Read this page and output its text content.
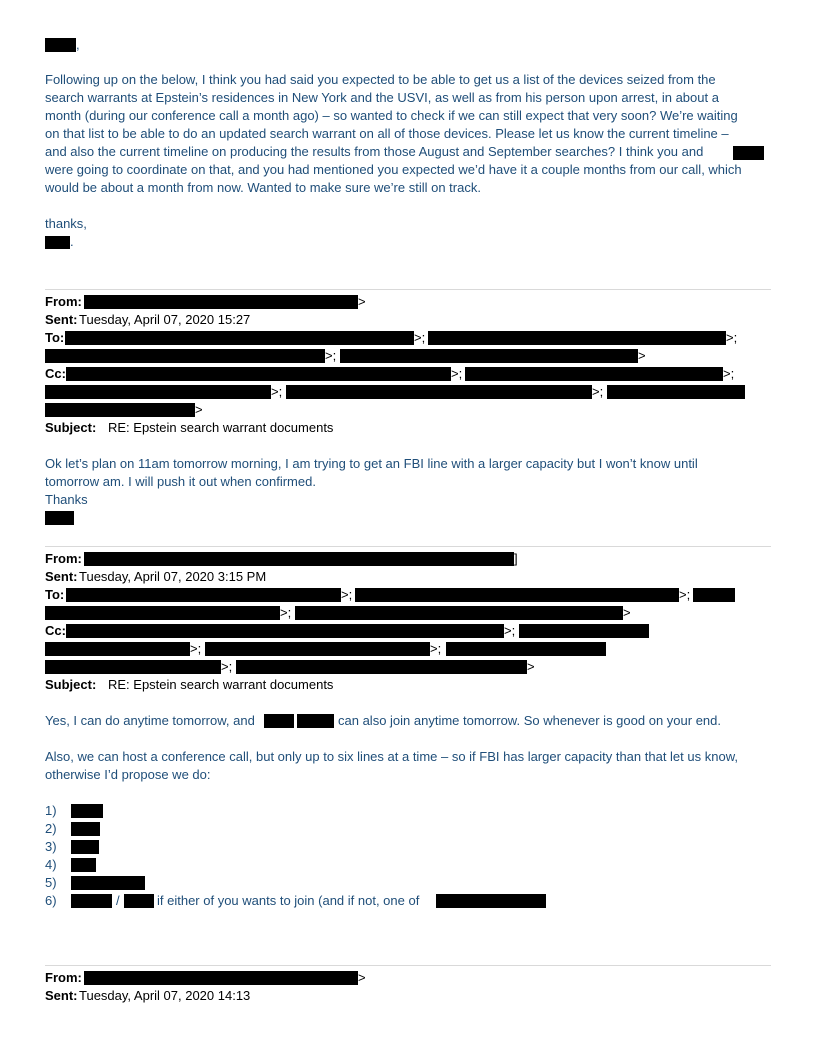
,
Following up on the below, I think you had said you expected to be able to get us a list of the devices seized from the
search warrants at Epstein’s residences in New York and the USVI, as well as from his person upon arrest, in about a
month (during our conference call a month ago) – so wanted to check if we can still expect that very soon? We’re waiting
on that list to be able to do an updated search warrant on all of those devices. Please let us know the current timeline –
and also the current timeline on producing the results from those August and September searches? I think you and
were going to coordinate on that, and you had mentioned you expected we’d have it a couple months from our call, which
would be about a month from now. Wanted to make sure we’re still on track.
thanks,
.
From:	>
Sent: Tuesday, April 07, 2020 15:27
To:	>;	>;
>;	>
Cc:	>;	>;
>;	>;
>
Subject: RE: Epstein search warrant documents
Ok let’s plan on 11am tomorrow morning, I am trying to get an FBI line with a larger capacity but I won’t know until
tomorrow am. I will push it out when confirmed.
Thanks
From:	]
Sent: Tuesday, April 07, 2020 3:15 PM
To:	>;	>;
>;	>
Cc:	>;
>;	>;
>;	>
Subject: RE: Epstein search warrant documents
Yes, I can do anytime tomorrow, and	can also join anytime tomorrow. So whenever is good on your end.
Also, we can host a conference call, but only up to six lines at a time – so if FBI has larger capacity than that let us know,
otherwise I’d propose we do:
1)
2)
3)
4)
5)
6)	/	if either of you wants to join (and if not, one of
From:	>
Sent: Tuesday, April 07, 2020 14:13
